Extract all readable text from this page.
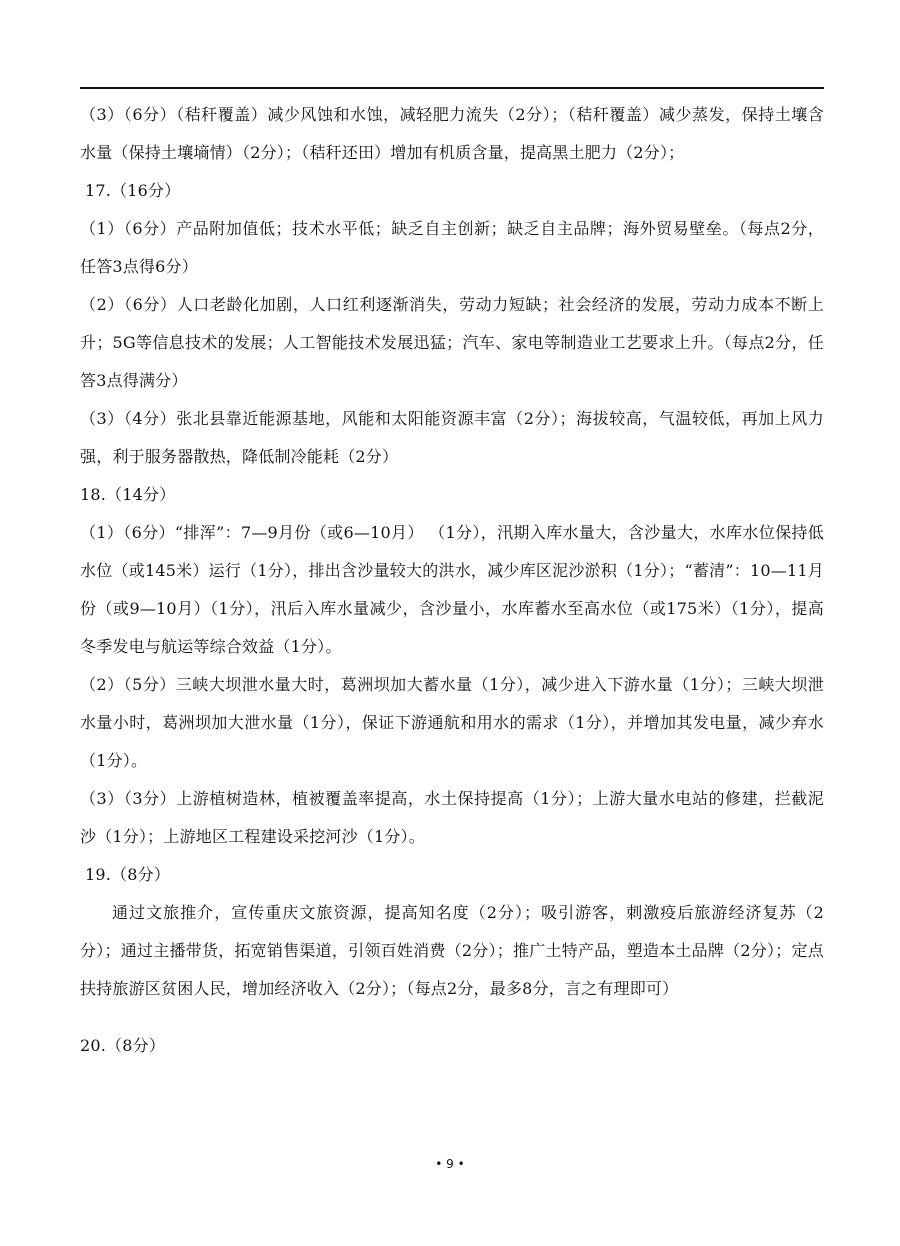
（3）（6分）（秸秆覆盖）减少风蚀和水蚀，减轻肥力流失（2分）；（秸秆覆盖）减少蒸发，保持土壤含水量（保持土壤墒情）（2分）；（秸秆还田）增加有机质含量，提高黑土肥力（2分）；

17.（16分）

（1）（6分）产品附加值低；技术水平低；缺乏自主创新；缺乏自主品牌；海外贸易壁垒。（每点2分，任答3点得6分）

（2）（6分）人口老龄化加剧，人口红利逐渐消失，劳动力短缺；社会经济的发展，劳动力成本不断上升；5G等信息技术的发展；人工智能技术发展迅猛；汽车、家电等制造业工艺要求上升。（每点2分，任答3点得满分）

（3）（4分）张北县靠近能源基地，风能和太阳能资源丰富（2分）；海拔较高，气温较低，再加上风力强，利于服务器散热，降低制冷能耗（2分）

18.（14分）

（1）（6分）“排浑”：7—9月份（或6—10月） （1分），汛期入库水量大，含沙量大，水库水位保持低水位（或145米）运行（1分），排出含沙量较大的洪水，减少库区泥沙淤积（1分）；“蓄清”：10—11月份（或9—10月）（1分），汛后入库水量减少，含沙量小，水库蓄水至高水位（或175米）（1分），提高冬季发电与航运等综合效益（1分）。

（2）（5分）三峡大坝泄水量大时，葛洲坝加大蓄水量（1分），减少进入下游水量（1分）；三峡大坝泄水量小时，葛洲坝加大泄水量（1分），保证下游通航和用水的需求（1分），并增加其发电量，减少弃水（1分）。

（3）（3分）上游植树造林，植被覆盖率提高，水土保持提高（1分）；上游大量水电站的修建，拦截泥沙（1分）；上游地区工程建设采挖河沙（1分）。

19.（8分）

通过文旅推介，宣传重庆文旅资源，提高知名度（2分）；吸引游客，刺激疫后旅游经济复苏（2分）；通过主播带货，拓宽销售渠道，引领百姓消费（2分）；推广土特产品，塑造本土品牌（2分）；定点扶持旅游区贫困人民，增加经济收入（2分）；（每点2分，最多8分，言之有理即可）

20.（8分）

• 9 •
